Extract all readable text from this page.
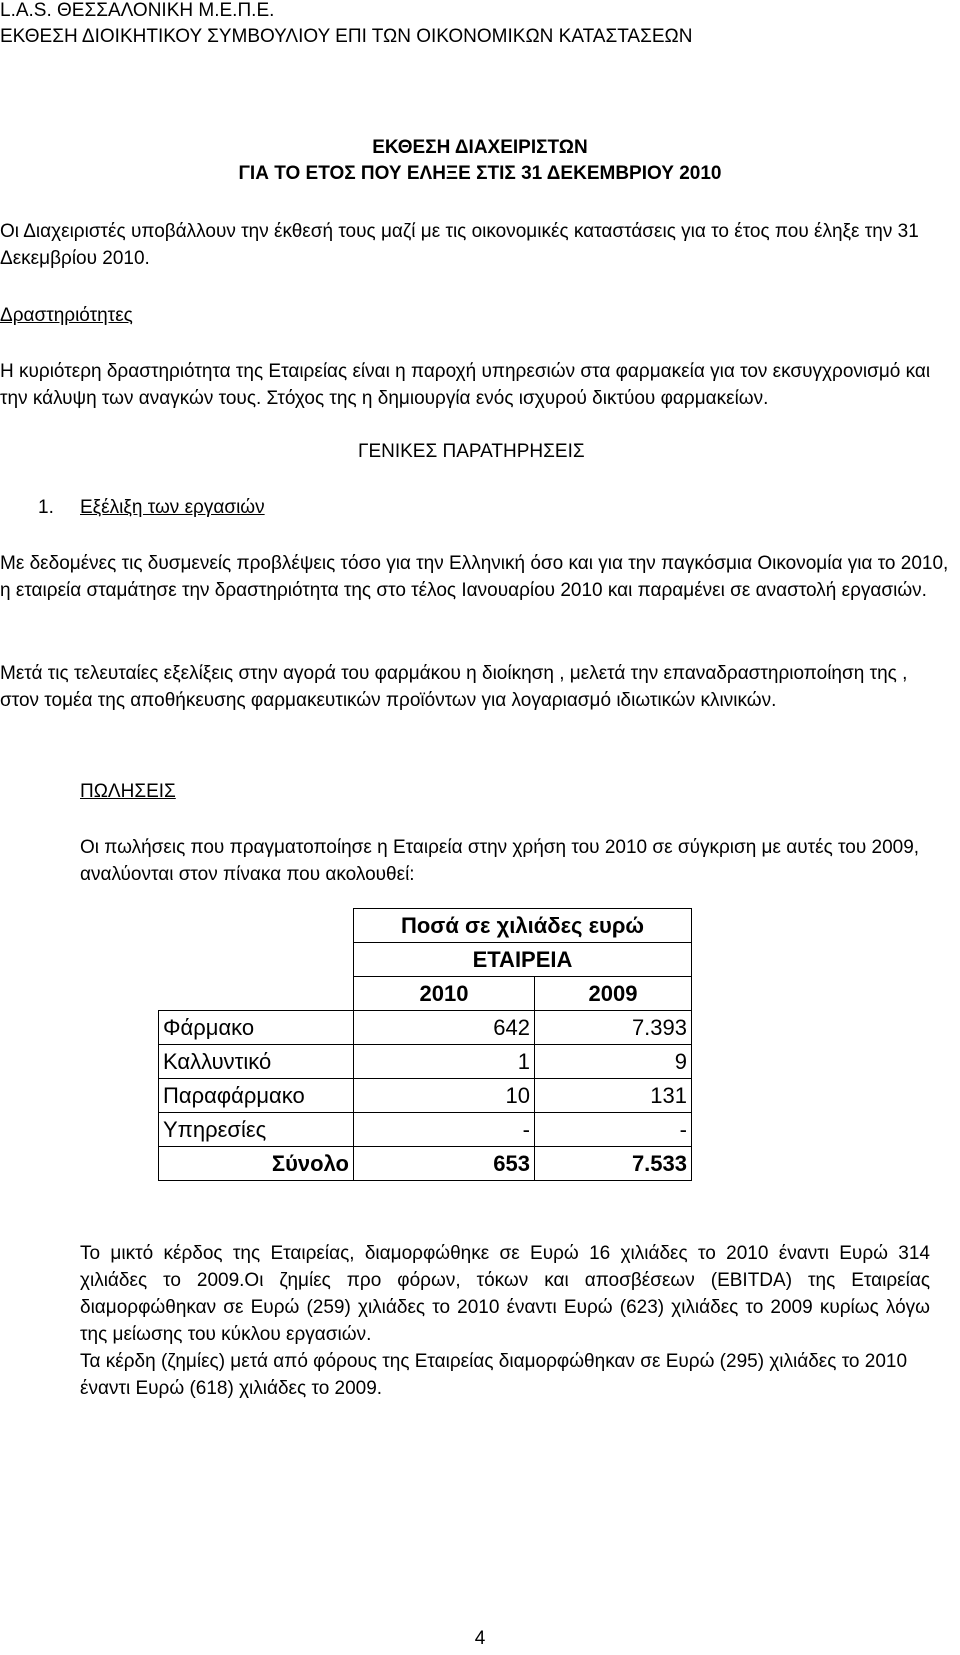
L.A.S. ΘΕΣΣΑΛΟΝΙΚΗ Μ.Ε.Π.Ε.
ΕΚΘΕΣΗ ΔΙΟΙΚΗΤΙΚΟΥ ΣΥΜΒΟΥΛΙΟΥ ΕΠΙ ΤΩΝ ΟΙΚΟΝΟΜΙΚΩΝ ΚΑΤΑΣΤΑΣΕΩΝ
ΕΚΘΕΣΗ ΔΙΑΧΕΙΡΙΣΤΩΝ
ΓΙΑ ΤΟ ΕΤΟΣ ΠΟΥ ΕΛΗΞΕ ΣΤΙΣ 31 ΔΕΚΕΜΒΡΙΟΥ 2010

Οι Διαχειριστές υποβάλλουν την έκθεσή τους μαζί με τις οικονομικές καταστάσεις για το έτος που έληξε την 31 Δεκεμβρίου 2010.

Δραστηριότητες

Η κυριότερη δραστηριότητα της Εταιρείας είναι η παροχή υπηρεσιών στα φαρμακεία για τον εκσυγχρονισμό και την κάλυψη των αναγκών τους. Στόχος της η δημιουργία ενός ισχυρού δικτύου φαρμακείων.

ΓΕΝΙΚΕΣ ΠΑΡΑΤΗΡΗΣΕΙΣ
1. Εξέλιξη των εργασιών

Με δεδομένες τις δυσμενείς προβλέψεις τόσο για την Ελληνική όσο και για την παγκόσμια Οικονομία για το 2010, η εταιρεία σταμάτησε την δραστηριότητα της στο τέλος Ιανουαρίου 2010 και παραμένει σε αναστολή εργασιών.

Μετά τις τελευταίες εξελίξεις στην αγορά του φαρμάκου η διοίκηση , μελετά την επαναδραστηριοποίηση της , στον τομέα της αποθήκευσης φαρμακευτικών προϊόντων για λογαριασμό ιδιωτικών κλινικών.

ΠΩΛΗΣΕΙΣ

Οι πωλήσεις που πραγματοποίησε η Εταιρεία στην χρήση του 2010 σε σύγκριση με αυτές του 2009, αναλύονται στον πίνακα που ακολουθεί:

	Ποσά σε χιλιάδες ευρώ	
	ΕΤΑΙΡΕΙΑ	
	2010	2009
Φάρμακο	642	7.393
Καλλυντικό	1	9
Παραφάρμακο	10	131
Υπηρεσίες	-	-
Σύνολο	653	7.533

Το μικτό κέρδος της Εταιρείας, διαμορφώθηκε σε Ευρώ 16 χιλιάδες το 2010 έναντι Ευρώ 314 χιλιάδες το 2009.Οι ζημίες προ φόρων, τόκων και αποσβέσεων (EBITDA) της Εταιρείας διαμορφώθηκαν σε Ευρώ (259) χιλιάδες το 2010 έναντι Ευρώ (623) χιλιάδες το 2009 κυρίως λόγω της μείωσης του κύκλου εργασιών.

Τα κέρδη (ζημίες) μετά από φόρους της Εταιρείας διαμορφώθηκαν σε Ευρώ (295) χιλιάδες το 2010 έναντι Ευρώ (618) χιλιάδες το 2009.

4
